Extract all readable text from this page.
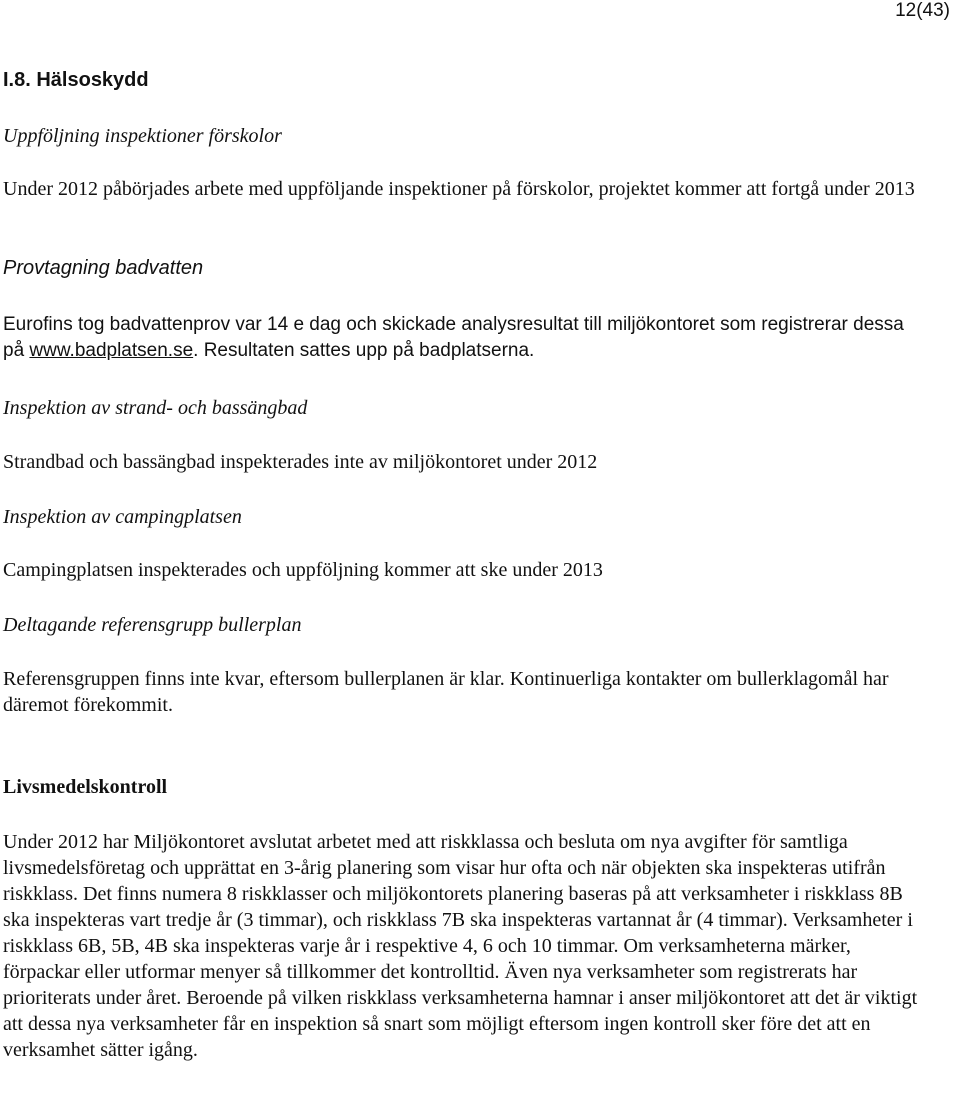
12(43)
I.8. Hälsoskydd
Uppföljning inspektioner förskolor

Under 2012 påbörjades arbete med uppföljande inspektioner på förskolor, projektet kommer att fortgå under 2013

Provtagning badvatten

Eurofins tog badvattenprov var 14 e dag och skickade analysresultat till miljökontoret som registrerar dessa på www.badplatsen.se. Resultaten sattes upp på badplatserna.

Inspektion av strand- och bassängbad

Strandbad och bassängbad inspekterades inte av miljökontoret under 2012

Inspektion av campingplatsen

Campingplatsen inspekterades och uppföljning kommer att ske under 2013

Deltagande referensgrupp bullerplan

Referensgruppen finns inte kvar, eftersom bullerplanen är klar. Kontinuerliga kontakter om bullerklagomål har däremot förekommit.

Livsmedelskontroll

Under 2012 har Miljökontoret avslutat arbetet med att riskklassa och besluta om nya avgifter för samtliga livsmedelsföretag och upprättat en 3-årig planering som visar hur ofta och när objekten ska inspekteras utifrån riskklass. Det finns numera 8 riskklasser och miljökontorets planering baseras på att verksamheter i riskklass 8B ska inspekteras vart tredje år (3 timmar), och riskklass 7B ska inspekteras vartannat år (4 timmar). Verksamheter i riskklass 6B, 5B, 4B ska inspekteras varje år i respektive 4, 6 och 10 timmar. Om verksamheterna märker, förpackar eller utformar menyer så tillkommer det kontrolltid. Även nya verksamheter som registrerats har prioriterats under året. Beroende på vilken riskklass verksamheterna hamnar i anser miljökontoret att det är viktigt att dessa nya verksamheter får en inspektion så snart som möjligt eftersom ingen kontroll sker före det att en verksamhet sätter igång.
